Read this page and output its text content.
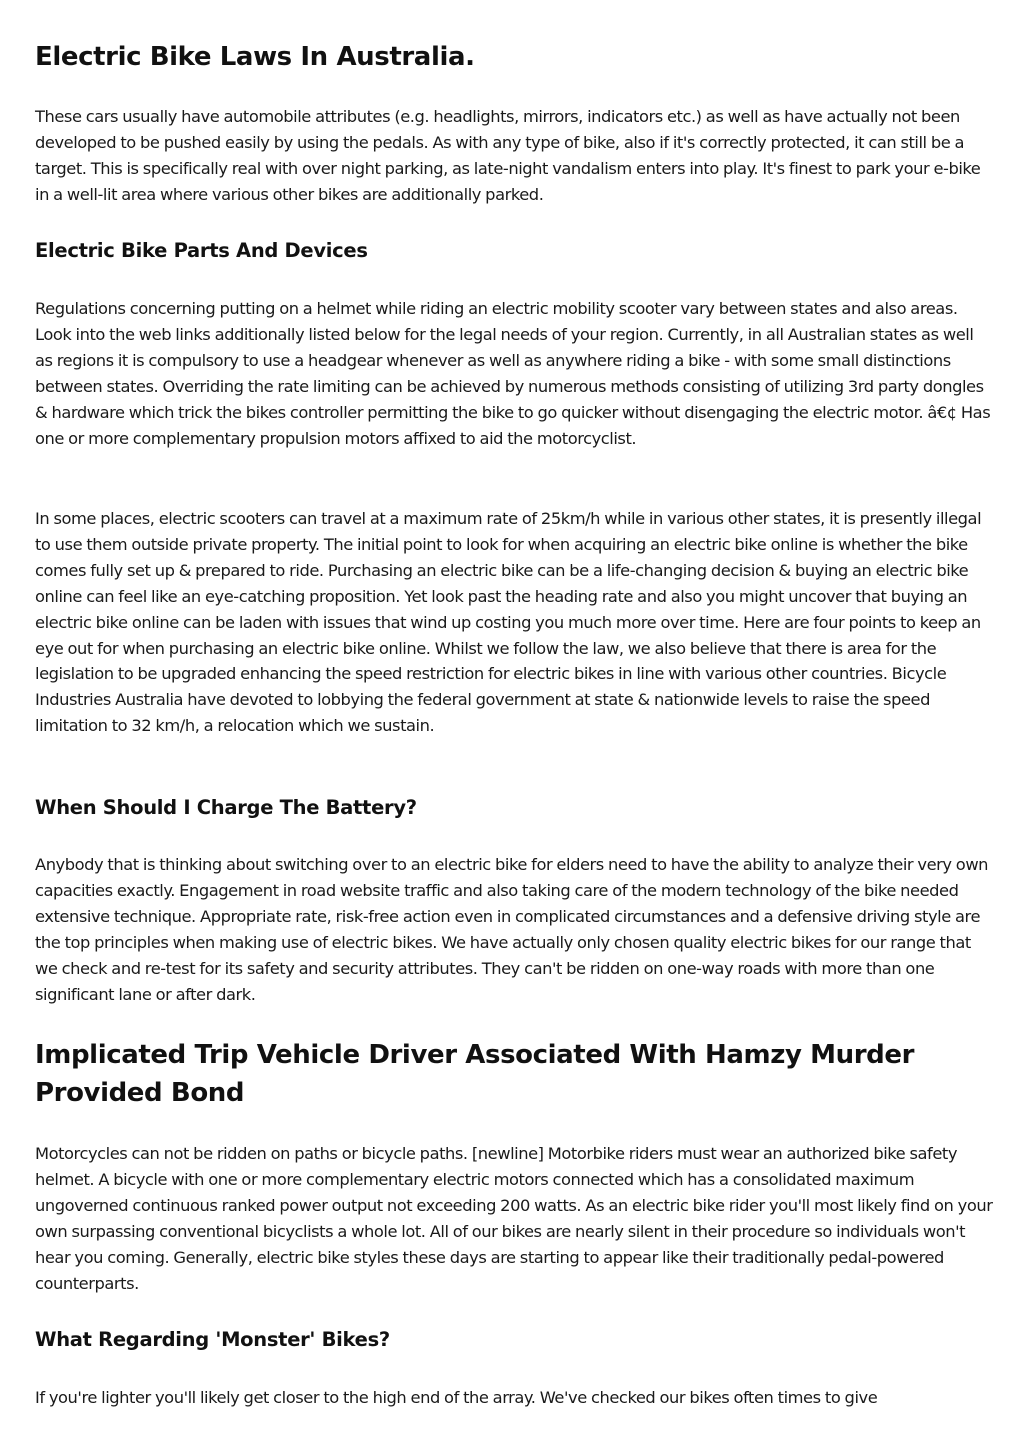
Electric Bike Laws In Australia.

These cars usually have automobile attributes (e.g. headlights, mirrors, indicators etc.) as well as have actually not been developed to be pushed easily by using the pedals. As with any type of bike, also if it's correctly protected, it can still be a target. This is specifically real with over night parking, as late-night vandalism enters into play. It's finest to park your e-bike in a well-lit area where various other bikes are additionally parked.

Electric Bike Parts And Devices

Regulations concerning putting on a helmet while riding an electric mobility scooter vary between states and also areas. Look into the web links additionally listed below for the legal needs of your region. Currently, in all Australian states as well as regions it is compulsory to use a headgear whenever as well as anywhere riding a bike - with some small distinctions between states. Overriding the rate limiting can be achieved by numerous methods consisting of utilizing 3rd party dongles & hardware which trick the bikes controller permitting the bike to go quicker without disengaging the electric motor. â€¢ Has one or more complementary propulsion motors affixed to aid the motorcyclist.

In some places, electric scooters can travel at a maximum rate of 25km/h while in various other states, it is presently illegal to use them outside private property. The initial point to look for when acquiring an electric bike online is whether the bike comes fully set up & prepared to ride. Purchasing an electric bike can be a life-changing decision & buying an electric bike online can feel like an eye-catching proposition. Yet look past the heading rate and also you might uncover that buying an electric bike online can be laden with issues that wind up costing you much more over time. Here are four points to keep an eye out for when purchasing an electric bike online. Whilst we follow the law, we also believe that there is area for the legislation to be upgraded enhancing the speed restriction for electric bikes in line with various other countries. Bicycle Industries Australia have devoted to lobbying the federal government at state & nationwide levels to raise the speed limitation to 32 km/h, a relocation which we sustain.

When Should I Charge The Battery?

Anybody that is thinking about switching over to an electric bike for elders need to have the ability to analyze their very own capacities exactly. Engagement in road website traffic and also taking care of the modern technology of the bike needed extensive technique. Appropriate rate, risk-free action even in complicated circumstances and a defensive driving style are the top principles when making use of electric bikes. We have actually only chosen quality electric bikes for our range that we check and re-test for its safety and security attributes. They can't be ridden on one-way roads with more than one significant lane or after dark.

Implicated Trip Vehicle Driver Associated With Hamzy Murder Provided Bond

Motorcycles can not be ridden on paths or bicycle paths. [newline] Motorbike riders must wear an authorized bike safety helmet. A bicycle with one or more complementary electric motors connected which has a consolidated maximum ungoverned continuous ranked power output not exceeding 200 watts. As an electric bike rider you'll most likely find on your own surpassing conventional bicyclists a whole lot. All of our bikes are nearly silent in their procedure so individuals won't hear you coming. Generally, electric bike styles these days are starting to appear like their traditionally pedal-powered counterparts.

What Regarding 'Monster' Bikes?

If you're lighter you'll likely get closer to the high end of the array. We've checked our bikes often times to give
